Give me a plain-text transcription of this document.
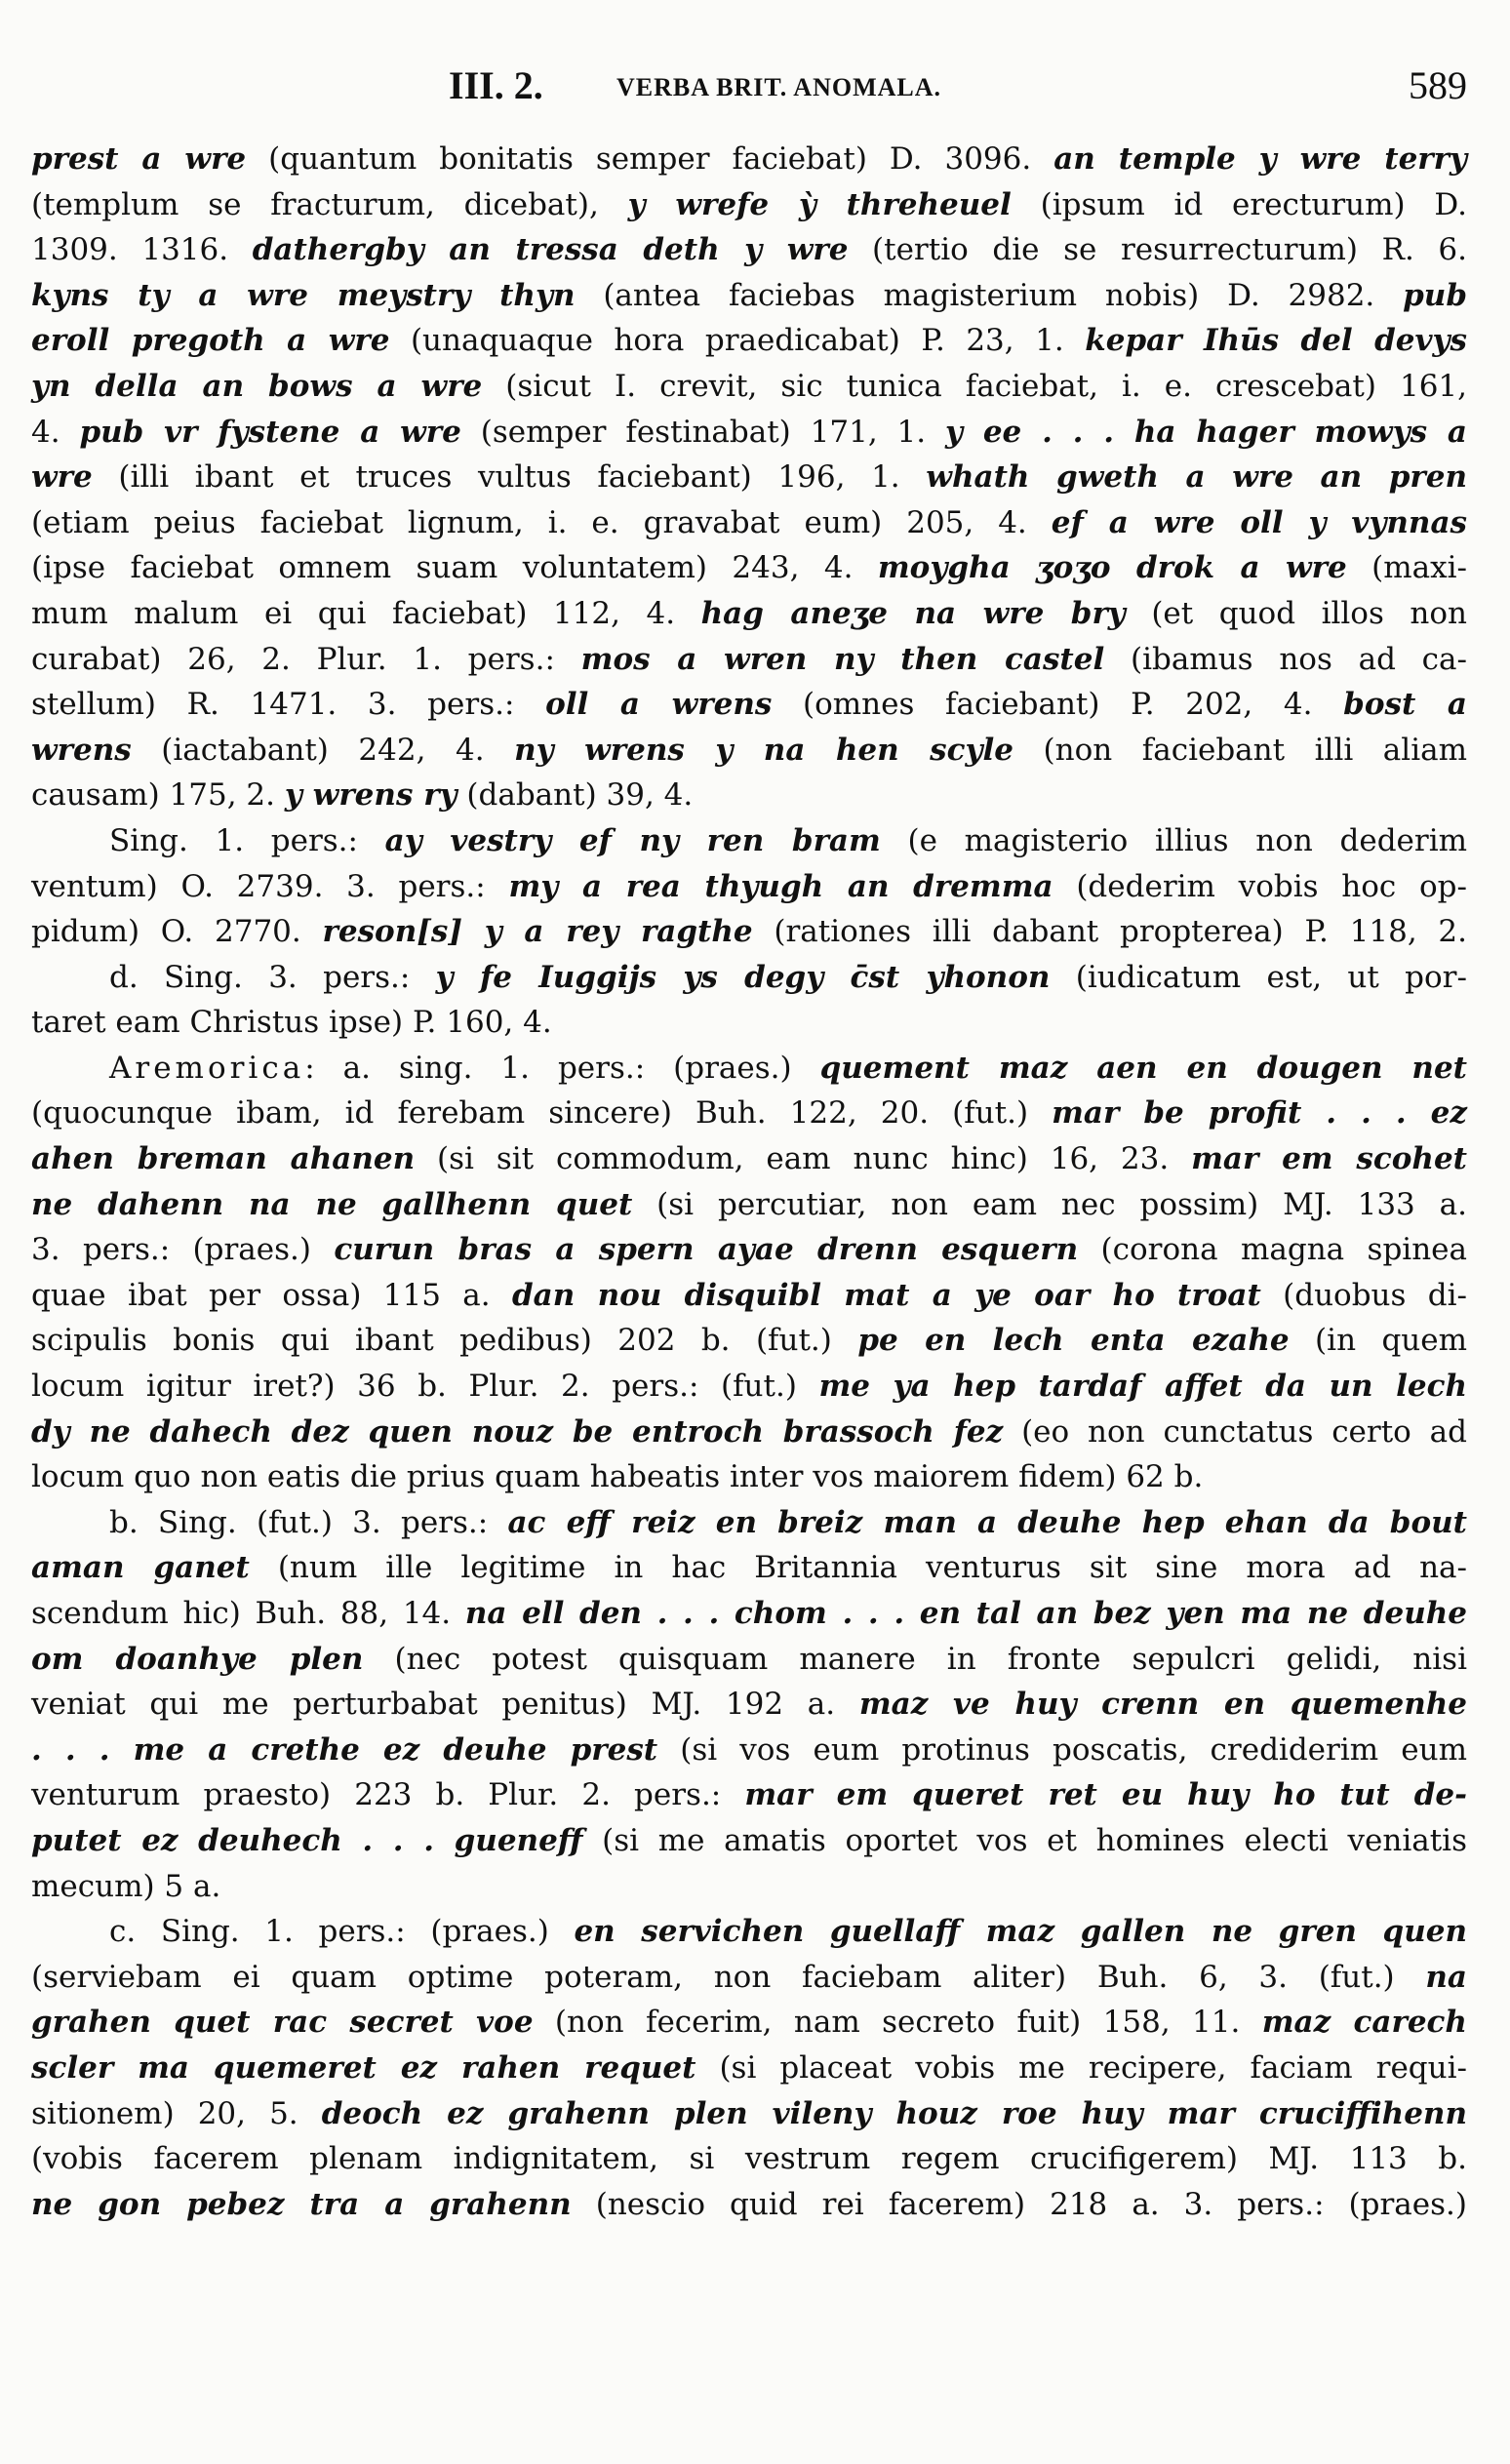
III. 2.	VERBA BRIT. ANOMALA.	589
prest a wre (quantum bonitatis semper faciebat) D. 3096. an temple y wre terry
(templum se fracturum, dicebat), y wrefe ỳ threheuel (ipsum id erecturum) D.
1309. 1316. dathergby an tressa deth y wre (tertio die se resurrecturum) R. 6.
kyns ty a wre meystry thyn (antea faciebas magisterium nobis) D. 2982. pub
eroll pregoth a wre (unaquaque hora praedicabat) P. 23, 1. kepar Ihūs del devys
yn della an bows a wre (sicut I. crevit, sic tunica faciebat, i. e. crescebat) 161,
4. pub vr fystene a wre (semper festinabat) 171, 1. y ee . . . ha hager mowys a
wre (illi ibant et truces vultus faciebant) 196, 1. whath gweth a wre an pren
(etiam peius faciebat lignum, i. e. gravabat eum) 205, 4. ef a wre oll y vynnas
(ipse faciebat omnem suam voluntatem) 243, 4. moygha ʒoʒo drok a wre (maxi-
mum malum ei qui faciebat) 112, 4. hag aneʒe na wre bry (et quod illos non
curabat) 26, 2. Plur. 1. pers.: mos a wren ny then castel (ibamus nos ad ca-
stellum) R. 1471. 3. pers.: oll a wrens (omnes faciebant) P. 202, 4. bost a
wrens (iactabant) 242, 4. ny wrens y na hen scyle (non faciebant illi aliam
causam) 175, 2. y wrens ry (dabant) 39, 4.
Sing. 1. pers.: ay vestry ef ny ren bram (e magisterio illius non dederim
ventum) O. 2739. 3. pers.: my a rea thyugh an dremma (dederim vobis hoc op-
pidum) O. 2770. reson[s] y a rey ragthe (rationes illi dabant propterea) P. 118, 2.
d. Sing. 3. pers.: y fe Iuggijs ys degy c̄st yhonon (iudicatum est, ut por-
taret eam Christus ipse) P. 160, 4.
Aremorica: a. sing. 1. pers.: (praes.) quement maz aen en dougen net
(quocunque ibam, id ferebam sincere) Buh. 122, 20. (fut.) mar be profit . . . ez
ahen breman ahanen (si sit commodum, eam nunc hinc) 16, 23. mar em scohet
ne dahenn na ne gallhenn quet (si percutiar, non eam nec possim) MJ. 133 a.
3. pers.: (praes.) curun bras a spern ayae drenn esquern (corona magna spinea
quae ibat per ossa) 115 a. dan nou disquibl mat a ye oar ho troat (duobus di-
scipulis bonis qui ibant pedibus) 202 b. (fut.) pe en lech enta ezahe (in quem
locum igitur iret?) 36 b. Plur. 2. pers.: (fut.) me ya hep tardaf affet da un lech
dy ne dahech dez quen nouz be entroch brassoch fez (eo non cunctatus certo ad
locum quo non eatis die prius quam habeatis inter vos maiorem fidem) 62 b.
b. Sing. (fut.) 3. pers.: ac eff reiz en breiz man a deuhe hep ehan da bout
aman ganet (num ille legitime in hac Britannia venturus sit sine mora ad na-
scendum hic) Buh. 88, 14. na ell den . . . chom . . . en tal an bez yen ma ne deuhe
om doanhye plen (nec potest quisquam manere in fronte sepulcri gelidi, nisi
veniat qui me perturbabat penitus) MJ. 192 a. maz ve huy crenn en quemenhe
. . . me a crethe ez deuhe prest (si vos eum protinus poscatis, crediderim eum
venturum praesto) 223 b. Plur. 2. pers.: mar em queret ret eu huy ho tut de-
putet ez deuhech . . . gueneff (si me amatis oportet vos et homines electi veniatis
mecum) 5 a.
c. Sing. 1. pers.: (praes.) en servichen guellaff maz gallen ne gren quen
(serviebam ei quam optime poteram, non faciebam aliter) Buh. 6, 3. (fut.) na
grahen quet rac secret voe (non fecerim, nam secreto fuit) 158, 11. maz carech
scler ma quemeret ez rahen requet (si placeat vobis me recipere, faciam requi-
sitionem) 20, 5. deoch ez grahenn plen vileny houz roe huy mar cruciffihenn
(vobis facerem plenam indignitatem, si vestrum regem crucifigerem) MJ. 113 b.
ne gon pebez tra a grahenn (nescio quid rei facerem) 218 a. 3. pers.: (praes.)
